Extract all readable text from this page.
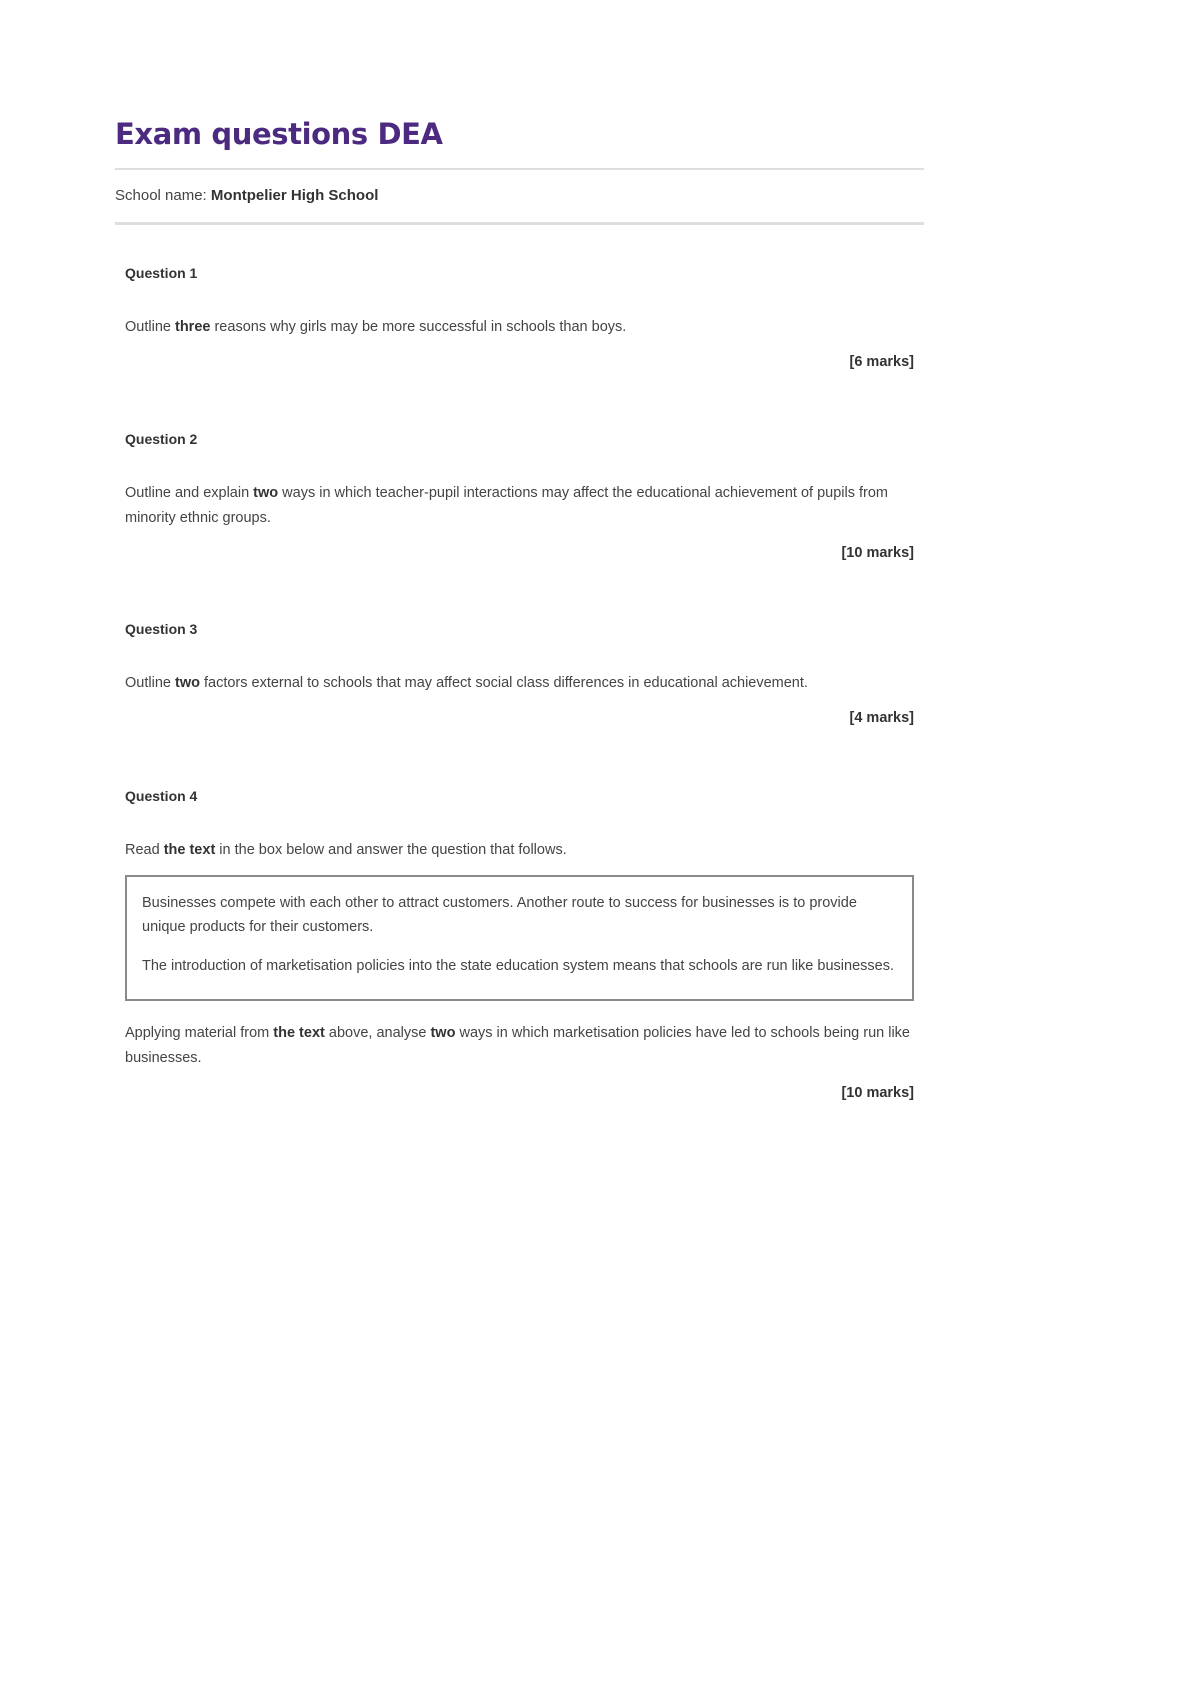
Exam questions DEA
School name: Montpelier High School

Question 1

Outline three reasons why girls may be more successful in schools than boys.

[6 marks]

Question 2

Outline and explain two ways in which teacher-pupil interactions may affect the educational achievement of pupils from minority ethnic groups.

[10 marks]

Question 3

Outline two factors external to schools that may affect social class differences in educational achievement.

[4 marks]

Question 4

Read the text in the box below and answer the question that follows.

Businesses compete with each other to attract customers. Another route to success for businesses is to provide unique products for their customers.

The introduction of marketisation policies into the state education system means that schools are run like businesses.

Applying material from the text above, analyse two ways in which marketisation policies have led to schools being run like businesses.

[10 marks]
